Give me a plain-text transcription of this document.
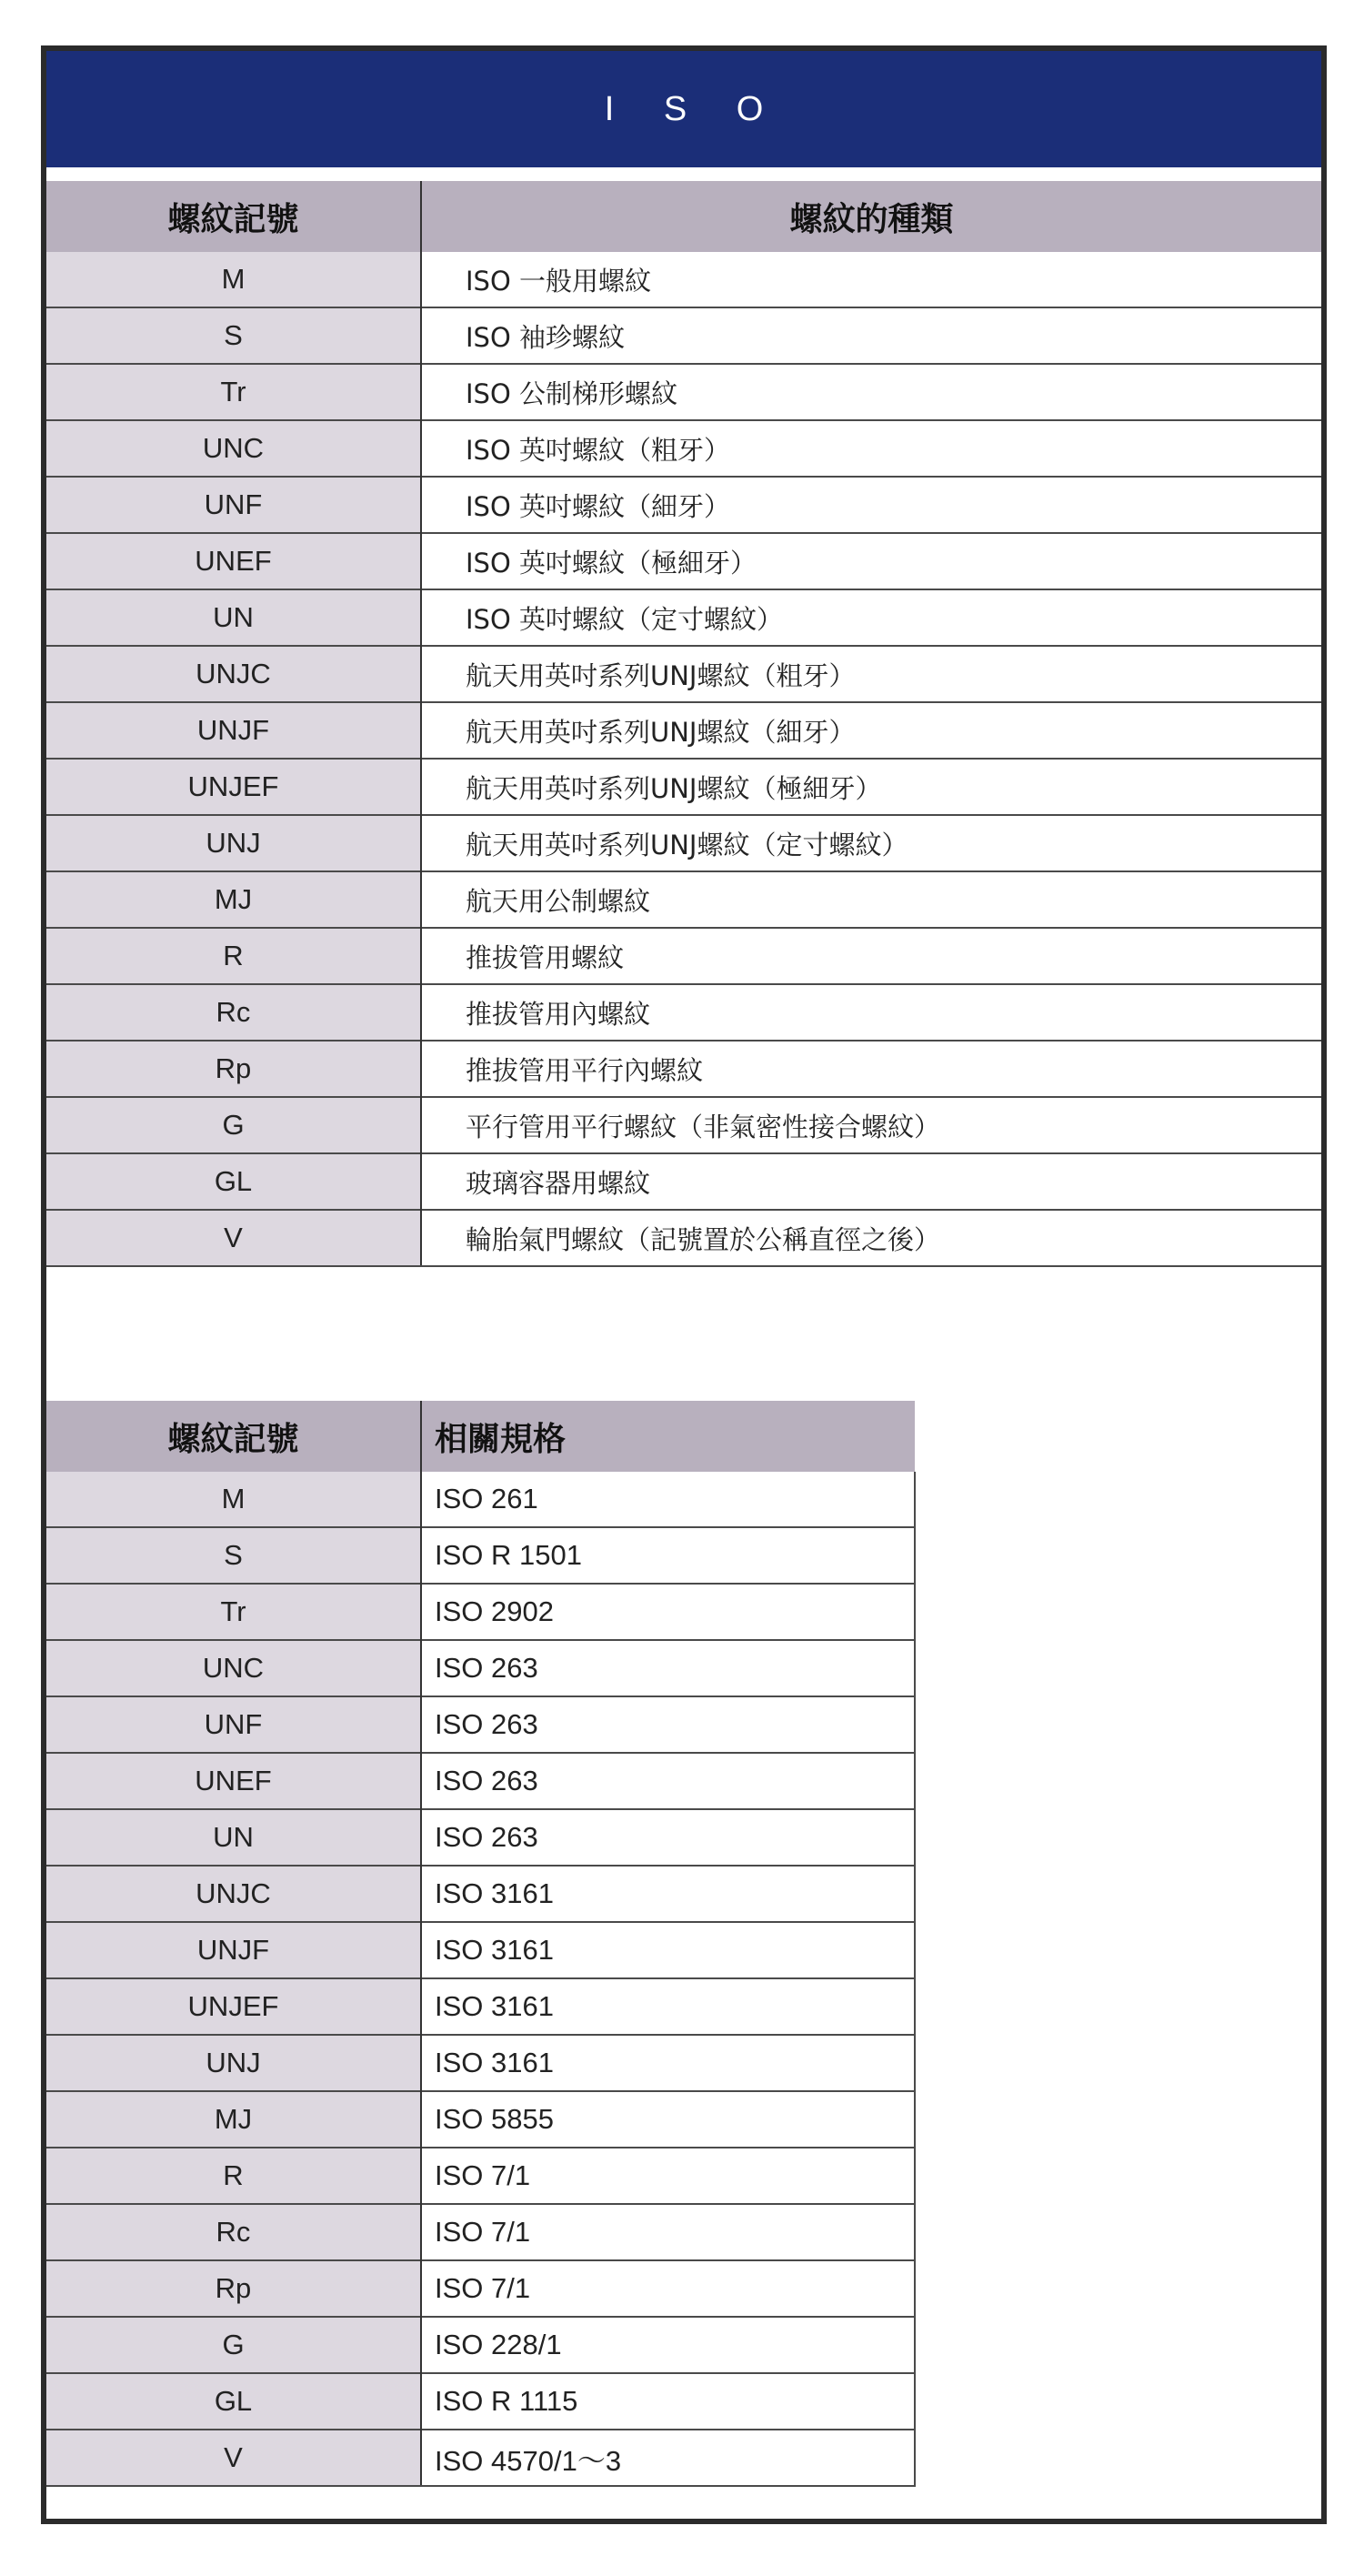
I S O
螺紋記號	螺紋的種類
M	ISO 一般用螺紋
S	ISO 袖珍螺紋
Tr	ISO 公制梯形螺紋
UNC	ISO 英吋螺紋（粗牙）
UNF	ISO 英吋螺紋（細牙）
UNEF	ISO 英吋螺紋（極細牙）
UN	ISO 英吋螺紋（定寸螺紋）
UNJC	航天用英吋系列UNJ螺紋（粗牙）
UNJF	航天用英吋系列UNJ螺紋（細牙）
UNJEF	航天用英吋系列UNJ螺紋（極細牙）
UNJ	航天用英吋系列UNJ螺紋（定寸螺紋）
MJ	航天用公制螺紋
R	推拔管用螺紋
Rc	推拔管用內螺紋
Rp	推拔管用平行內螺紋
G	平行管用平行螺紋（非氣密性接合螺紋）
GL	玻璃容器用螺紋
V	輪胎氣門螺紋（記號置於公稱直徑之後）
螺紋記號	相關規格
M	ISO 261
S	ISO R 1501
Tr	ISO 2902
UNC	ISO 263
UNF	ISO 263
UNEF	ISO 263
UN	ISO 263
UNJC	ISO 3161
UNJF	ISO 3161
UNJEF	ISO 3161
UNJ	ISO 3161
MJ	ISO 5855
R	ISO 7/1
Rc	ISO 7/1
Rp	ISO 7/1
G	ISO 228/1
GL	ISO R 1115
V	ISO 4570/1～3
